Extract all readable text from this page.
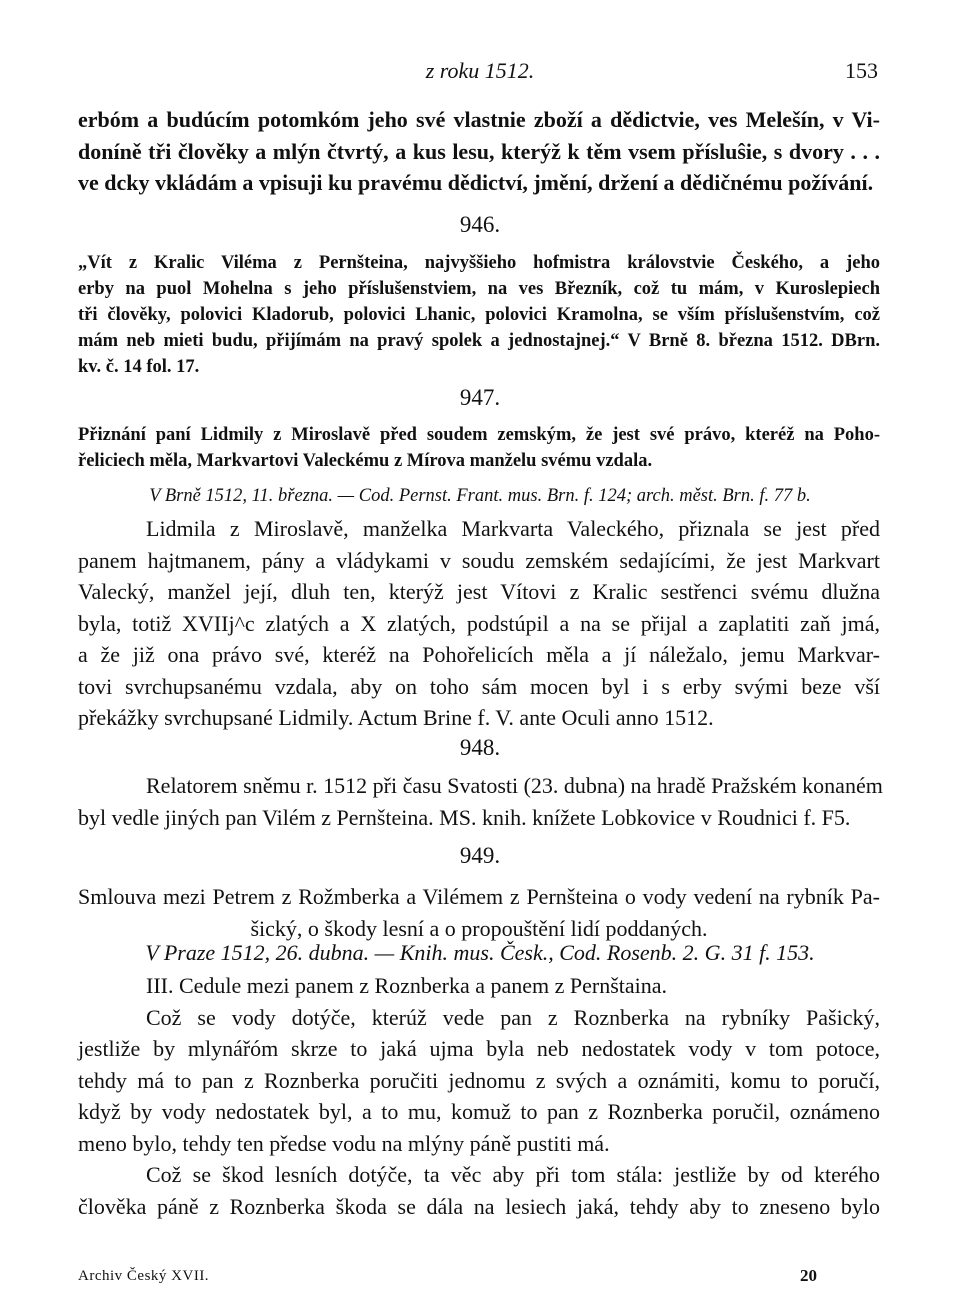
z roku 1512.	153
erbóm a budúcím potomkóm jeho své vlastnie zboží a dědictvie, ves Melešín, v Vi-
doníně tři člověky a mlýn čtvrtý, a kus lesu, kterýž k těm vsem přísluŝie, s dvory . . .
ve dcky vkládám a vpisuji ku pravému dědictví, jmění, držení a dědičnému požívání.
946.
„Vít z Kralic Viléma z Pernšteina, najvyššieho hofmistra královstvie Českého, a jeho
erby na puol Mohelna s jeho příslušenstviem, na ves Březník, což tu mám, v Kuroslepiech
tři člověky, polovici Kladorub, polovici Lhanic, polovici Kramolna, se vším příslušenstvím, což
mám neb mieti budu, přijímám na pravý spolek a jednostajnej.“ V Brně 8. března 1512. DBrn.
kv. č. 14 fol. 17.
947.
Přiznání paní Lidmily z Miroslavě před soudem zemským, že jest své právo, kteréž na Poho-
řeliciech měla, Markvartovi Valeckému z Mírova manželu svému vzdala.
V Brně 1512, 11. března. — Cod. Pernst. Frant. mus. Brn. f. 124; arch. měst. Brn. f. 77 b.
Lidmila z Miroslavě, manželka Markvarta Valeckého, přiznala se jest před
panem hajtmanem, pány a vládykami v soudu zemském sedajícími, že jest Markvart
Valecký, manžel její, dluh ten, kterýž jest Vítovi z Kralic sestřenci svému dlužna
byla, totiž XVIIj^c zlatých a X zlatých, podstúpil a na se přijal a zaplatiti zaň jmá,
a že již ona právo své, kteréž na Pohořelicích měla a jí náležalo, jemu Markvar-
tovi svrchupsanému vzdala, aby on toho sám mocen byl i s erby svými beze vší
překážky svrchupsané Lidmily. Actum Brine f. V. ante Oculi anno 1512.
948.
Relatorem sněmu r. 1512 při času Svatosti (23. dubna) na hradě Pražském konaném
byl vedle jiných pan Vilém z Pernšteina. MS. knih. knížete Lobkovice v Roudnici f. F5.
949.
Smlouva mezi Petrem z Rožmberka a Vilémem z Pernšteina o vody vedení na rybník Pa-
šický, o škody lesní a o propouštění lidí poddaných.
V Praze 1512, 26. dubna. — Knih. mus. Česk., Cod. Rosenb. 2. G. 31 f. 153.
III. Cedule mezi panem z Roznberka a panem z Pernštaina.
Což se vody dotýče, kterúž vede pan z Roznberka na rybníky Pašický,
jestliže by mlynářóm skrze to jaká ujma byla neb nedostatek vody v tom potoce,
tehdy má to pan z Roznberka poručiti jednomu z svých a oznámiti, komu to poručí,
když by vody nedostatek byl, a to mu, komuž to pan z Roznberka poručil, oznámeno
meno bylo, tehdy ten předse vodu na mlýny páně pustiti má.
Což se škod lesních dotýče, ta věc aby při tom stála: jestliže by od kterého
člověka páně z Roznberka škoda se dála na lesiech jaká, tehdy aby to zneseno bylo
Archiv Český XVII.	20
